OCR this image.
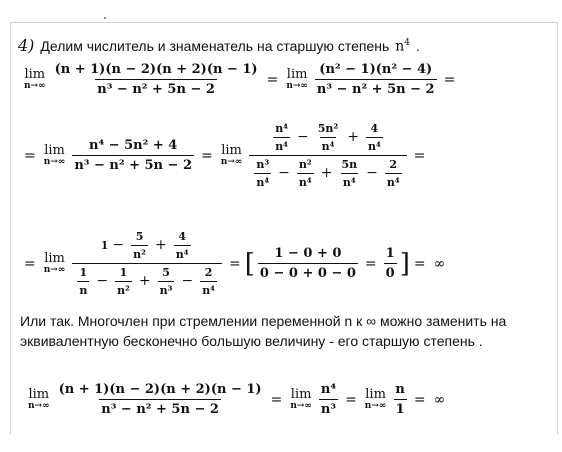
4) Делим числитель и знаменатель на старшую степень $n^4$ .
lim
$n\to\infty \frac{(n + 1)(n - 2)(n + 2)(n - 1)}{\text{n³ − n² + 5n − 2}} = \lim$
$n\to\infty \frac{\text{(n² − 1)(n² − 4)}}{\text{n³ − n² + 5n − 2}}$ =
= lim
$n\to\infty \frac{\text{n⁴ − 5n² + 4}}{\text{n³ − n² + 5n − 2}} = \lim$
n→∞
$\frac{\text{n⁴}}{\text{n⁴}} - \frac{\text{5n²}}{\text{n⁴}} + \frac{4}{\text{n⁴}}$
$\frac{\text{n³}}{\text{n⁴}} - \frac{\text{n²}}{\text{n⁴}} + \frac{5n}{\text{n⁴}} - \frac{2}{\text{n⁴}}$
=
= lim
n→∞
$1 - \frac{5}{\text{n²}} + \frac{4}{\text{n⁴}}$
$\frac{1}{n} - \frac{1}{\text{n²}} + \frac{5}{\text{n³}} - \frac{2}{\text{n⁴}}$
= [ $\frac{1 - 0 + 0}{0 - 0 + 0 - 0} = \frac{1}{0}$ ] = ∞
Или так. Многочлен при стремлении переменной n к ∞ можно заменить на эквивалентную бесконечно большую величину - его старшую степень .
lim
$n\to\infty \frac{(n + 1)(n - 2)(n + 2)(n - 1)}{\text{n³ − n² + 5n − 2}} = \lim$
$n\to\infty \frac{\text{n⁴}}{\text{n³}} = \lim$
$n\to\infty \frac{n}{1}$ = ∞
